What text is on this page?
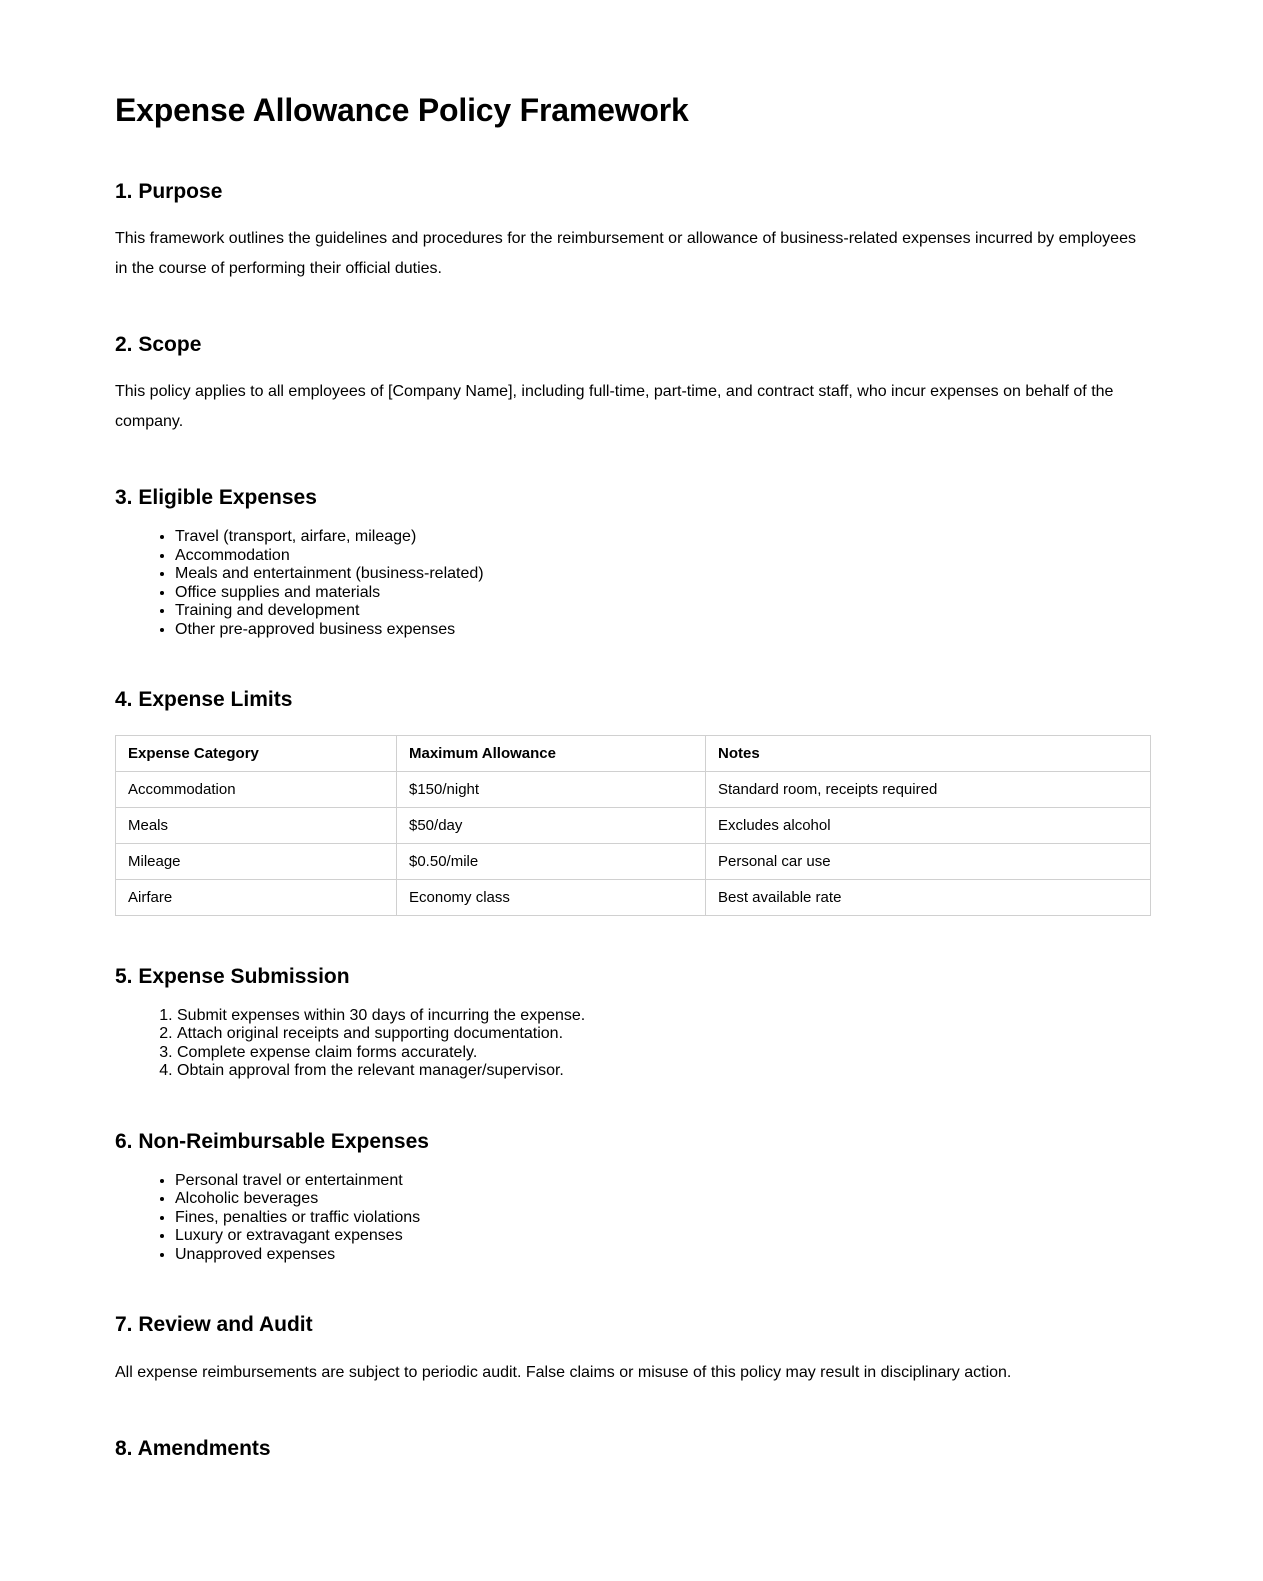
Expense Allowance Policy Framework
1. Purpose

This framework outlines the guidelines and procedures for the reimbursement or allowance of business-related expenses incurred by employees in the course of performing their official duties.

2. Scope

This policy applies to all employees of [Company Name], including full-time, part-time, and contract staff, who incur expenses on behalf of the company.

3. Eligible Expenses
• Travel (transport, airfare, mileage)
• Accommodation
• Meals and entertainment (business-related)
• Office supplies and materials
• Training and development
• Other pre-approved business expenses
4. Expense Limits
Expense Category	Maximum Allowance	Notes
Accommodation	$150/night	Standard room, receipts required
Meals	$50/day	Excludes alcohol
Mileage	$0.50/mile	Personal car use
Airfare	Economy class	Best available rate
5. Expense Submission
1. Submit expenses within 30 days of incurring the expense.
2. Attach original receipts and supporting documentation.
3. Complete expense claim forms accurately.
4. Obtain approval from the relevant manager/supervisor.
6. Non-Reimbursable Expenses
• Personal travel or entertainment
• Alcoholic beverages
• Fines, penalties or traffic violations
• Luxury or extravagant expenses
• Unapproved expenses
7. Review and Audit

All expense reimbursements are subject to periodic audit. False claims or misuse of this policy may result in disciplinary action.

8. Amendments
